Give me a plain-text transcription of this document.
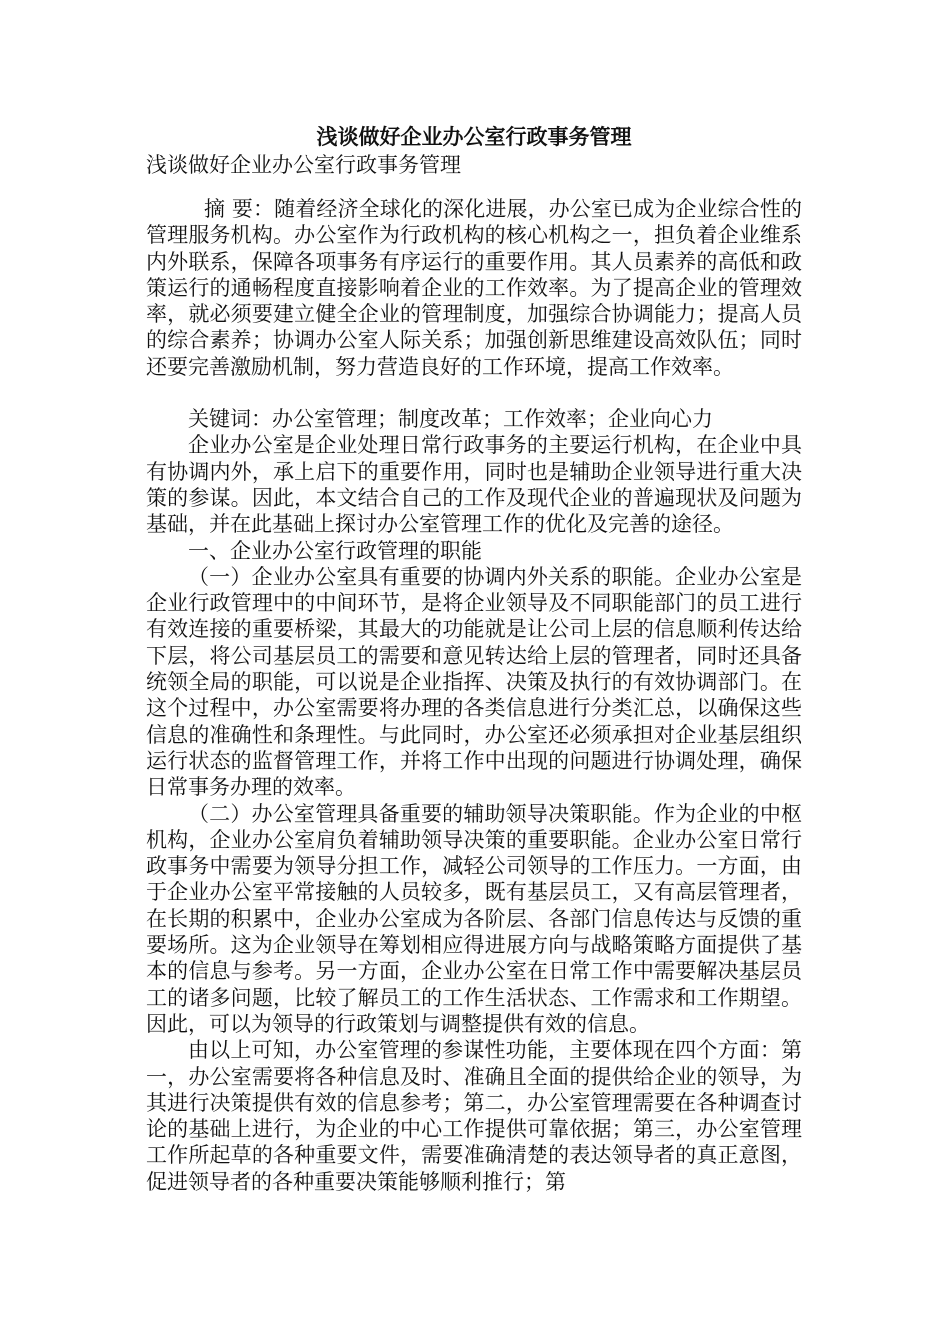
浅谈做好企业办公室行政事务管理

浅谈做好企业办公室行政事务管理

摘 要：随着经济全球化的深化进展，办公室已成为企业综合性的管理服务机构。办公室作为行政机构的核心机构之一，担负着企业维系内外联系，保障各项事务有序运行的重要作用。其人员素养的高低和政策运行的通畅程度直接影响着企业的工作效率。为了提高企业的管理效率，就必须要建立健全企业的管理制度，加强综合协调能力；提高人员的综合素养；协调办公室人际关系；加强创新思维建设高效队伍；同时还要完善激励机制，努力营造良好的工作环境，提高工作效率。

关键词：办公室管理；制度改革；工作效率；企业向心力

企业办公室是企业处理日常行政事务的主要运行机构，在企业中具有协调内外，承上启下的重要作用，同时也是辅助企业领导进行重大决策的参谋。因此，本文结合自己的工作及现代企业的普遍现状及问题为基础，并在此基础上探讨办公室管理工作的优化及完善的途径。

一、企业办公室行政管理的职能

（一）企业办公室具有重要的协调内外关系的职能。企业办公室是企业行政管理中的中间环节，是将企业领导及不同职能部门的员工进行有效连接的重要桥梁，其最大的功能就是让公司上层的信息顺利传达给下层，将公司基层员工的需要和意见转达给上层的管理者，同时还具备统领全局的职能，可以说是企业指挥、决策及执行的有效协调部门。在这个过程中，办公室需要将办理的各类信息进行分类汇总，以确保这些信息的准确性和条理性。与此同时，办公室还必须承担对企业基层组织运行状态的监督管理工作，并将工作中出现的问题进行协调处理，确保日常事务办理的效率。

（二）办公室管理具备重要的辅助领导决策职能。作为企业的中枢机构，企业办公室肩负着辅助领导决策的重要职能。企业办公室日常行政事务中需要为领导分担工作，减轻公司领导的工作压力。一方面，由于企业办公室平常接触的人员较多，既有基层员工，又有高层管理者，在长期的积累中，企业办公室成为各阶层、各部门信息传达与反馈的重要场所。这为企业领导在筹划相应得进展方向与战略策略方面提供了基本的信息与参考。另一方面，企业办公室在日常工作中需要解决基层员工的诸多问题，比较了解员工的工作生活状态、工作需求和工作期望。因此，可以为领导的行政策划与调整提供有效的信息。

由以上可知，办公室管理的参谋性功能，主要体现在四个方面：第一，办公室需要将各种信息及时、准确且全面的提供给企业的领导，为其进行决策提供有效的信息参考；第二，办公室管理需要在各种调查讨论的基础上进行，为企业的中心工作提供可靠依据；第三，办公室管理工作所起草的各种重要文件，需要准确清楚的表达领导者的真正意图，促进领导者的各种重要决策能够顺利推行；第
